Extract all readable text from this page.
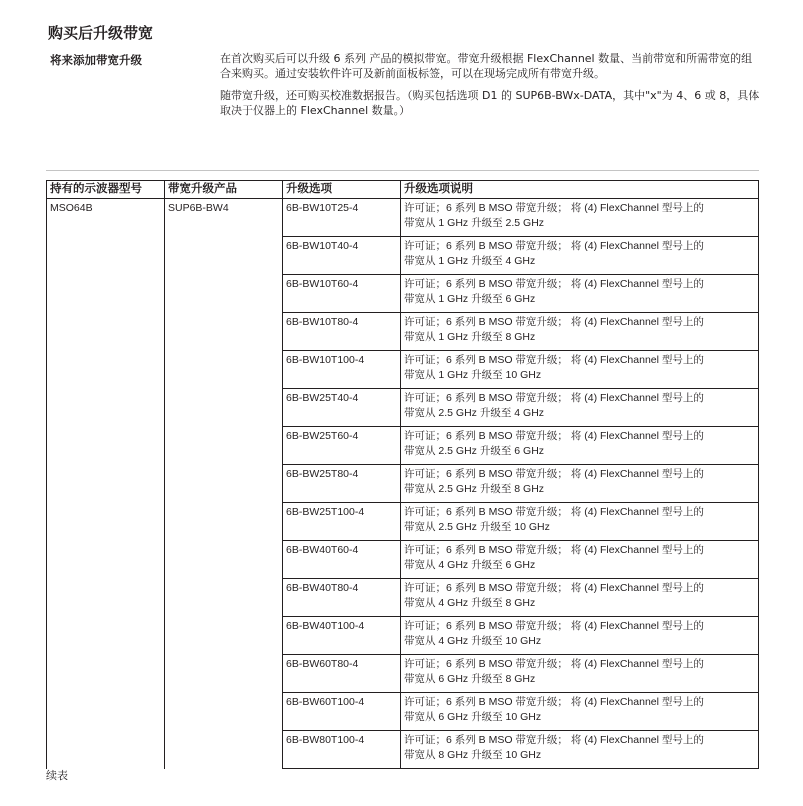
购买后升级带宽
将来添加带宽升级	在首次购买后可以升级 6 系列 产品的模拟带宽。带宽升级根据 FlexChannel 数量、当前带宽和所需带宽的组合来购买。通过安装软件许可及新前面板标签，可以在现场完成所有带宽升级。

随带宽升级，还可购买校准数据报告。（购买包括选项 D1 的 SUP6B-BWx-DATA，其中"x"为 4、6 或 8，具体取决于仪器上的 FlexChannel 数量。）

持有的示波器型号	带宽升级产品	升级选项	升级选项说明
MSO64B	SUP6B-BW4	6B-BW10T25-4	许可证；6 系列 B MSO 带宽升级； 将 (4) FlexChannel 型号上的
带宽从 1 GHz 升级至 2.5 GHz

		6B-BW10T40-4	许可证；6 系列 B MSO 带宽升级； 将 (4) FlexChannel 型号上的
带宽从 1 GHz 升级至 4 GHz

		6B-BW10T60-4	许可证；6 系列 B MSO 带宽升级； 将 (4) FlexChannel 型号上的
带宽从 1 GHz 升级至 6 GHz

		6B-BW10T80-4	许可证；6 系列 B MSO 带宽升级； 将 (4) FlexChannel 型号上的
带宽从 1 GHz 升级至 8 GHz

		6B-BW10T100-4	许可证；6 系列 B MSO 带宽升级； 将 (4) FlexChannel 型号上的
带宽从 1 GHz 升级至 10 GHz

		6B-BW25T40-4	许可证；6 系列 B MSO 带宽升级； 将 (4) FlexChannel 型号上的
带宽从 2.5 GHz 升级至 4 GHz

		6B-BW25T60-4	许可证；6 系列 B MSO 带宽升级； 将 (4) FlexChannel 型号上的
带宽从 2.5 GHz 升级至 6 GHz

		6B-BW25T80-4	许可证；6 系列 B MSO 带宽升级； 将 (4) FlexChannel 型号上的
带宽从 2.5 GHz 升级至 8 GHz

		6B-BW25T100-4	许可证；6 系列 B MSO 带宽升级； 将 (4) FlexChannel 型号上的
带宽从 2.5 GHz 升级至 10 GHz

		6B-BW40T60-4	许可证；6 系列 B MSO 带宽升级； 将 (4) FlexChannel 型号上的
带宽从 4 GHz 升级至 6 GHz

		6B-BW40T80-4	许可证；6 系列 B MSO 带宽升级； 将 (4) FlexChannel 型号上的
带宽从 4 GHz 升级至 8 GHz

		6B-BW40T100-4	许可证；6 系列 B MSO 带宽升级； 将 (4) FlexChannel 型号上的
带宽从 4 GHz 升级至 10 GHz

		6B-BW60T80-4	许可证；6 系列 B MSO 带宽升级； 将 (4) FlexChannel 型号上的
带宽从 6 GHz 升级至 8 GHz

		6B-BW60T100-4	许可证；6 系列 B MSO 带宽升级； 将 (4) FlexChannel 型号上的
带宽从 6 GHz 升级至 10 GHz

		6B-BW80T100-4	许可证；6 系列 B MSO 带宽升级； 将 (4) FlexChannel 型号上的
带宽从 8 GHz 升级至 10 GHz
续表
